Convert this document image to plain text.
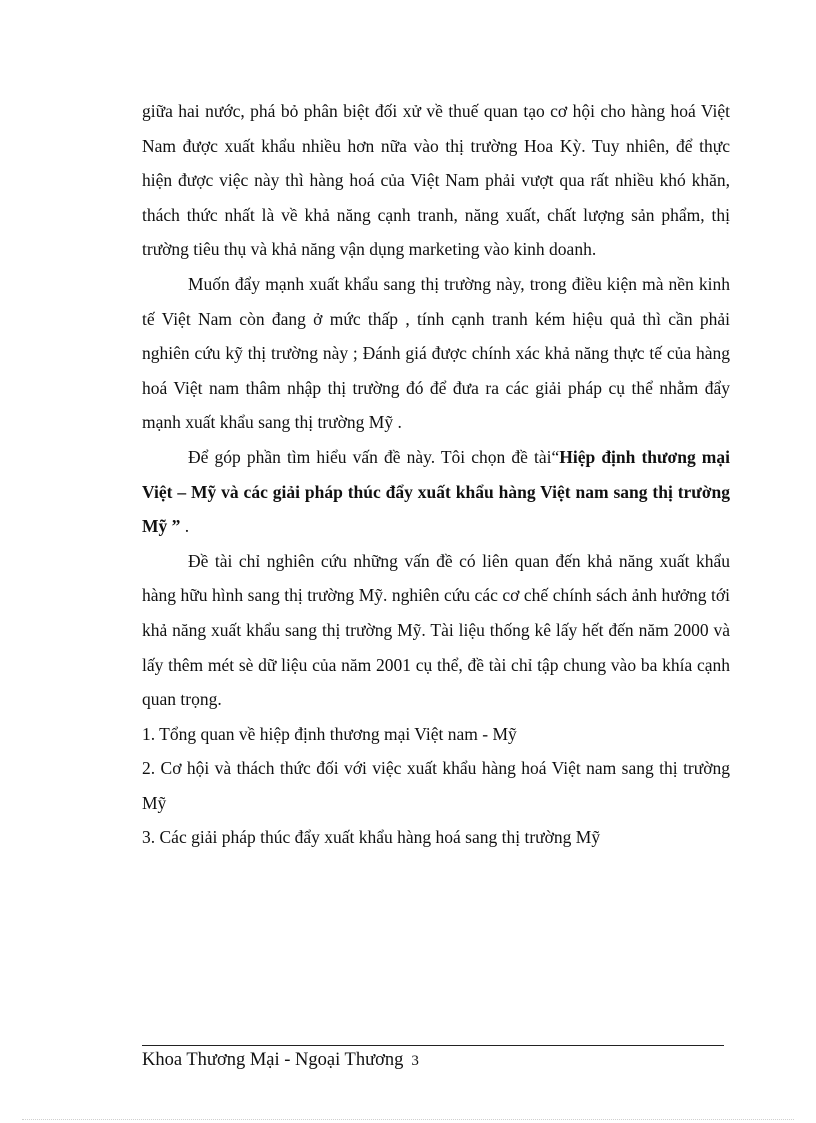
giữa hai nước, phá bỏ phân biệt đối xử về thuế quan tạo cơ hội cho hàng hoá Việt Nam được xuất khẩu nhiều hơn nữa vào thị trường Hoa Kỳ. Tuy nhiên, để thực hiện được việc này thì hàng hoá của Việt Nam phải vượt qua rất nhiều khó khăn, thách thức nhất là về khả năng cạnh tranh, năng xuất, chất lượng sản phẩm, thị trường tiêu thụ và khả năng vận dụng marketing vào kinh doanh.

Muốn đẩy mạnh xuất khẩu sang thị trường này, trong điều kiện mà nền kinh tế Việt Nam còn đang ở mức thấp , tính cạnh tranh kém hiệu quả thì cần phải nghiên cứu kỹ thị trường này ; Đánh giá được chính xác khả năng thực tế của hàng hoá Việt nam thâm nhập thị trường đó để đưa ra các giải pháp cụ thể nhằm đẩy mạnh xuất khẩu sang thị trường Mỹ .

Để góp phần tìm hiểu vấn đề này. Tôi chọn đề tài“Hiệp định thương mại Việt – Mỹ và các giải pháp thúc đẩy xuất khẩu hàng Việt nam sang thị trường Mỹ ” .

Đề tài chỉ nghiên cứu những vấn đề có liên quan đến khả năng xuất khẩu hàng hữu hình sang thị trường Mỹ. nghiên cứu các cơ chế chính sách ảnh hưởng tới khả năng xuất khẩu sang thị trường Mỹ. Tài liệu thống kê lấy hết đến năm 2000 và lấy thêm mét sè dữ liệu của năm 2001 cụ thể, đề tài chỉ tập chung vào ba khía cạnh quan trọng.

1. Tổng quan về hiệp định thương mại Việt nam - Mỹ

2. Cơ hội và thách thức đối với việc xuất khẩu hàng hoá Việt nam sang thị trường Mỹ

3. Các giải pháp thúc đẩy xuất khẩu hàng hoá sang thị trường Mỹ

Khoa Thương Mại - Ngoại Thương 3
